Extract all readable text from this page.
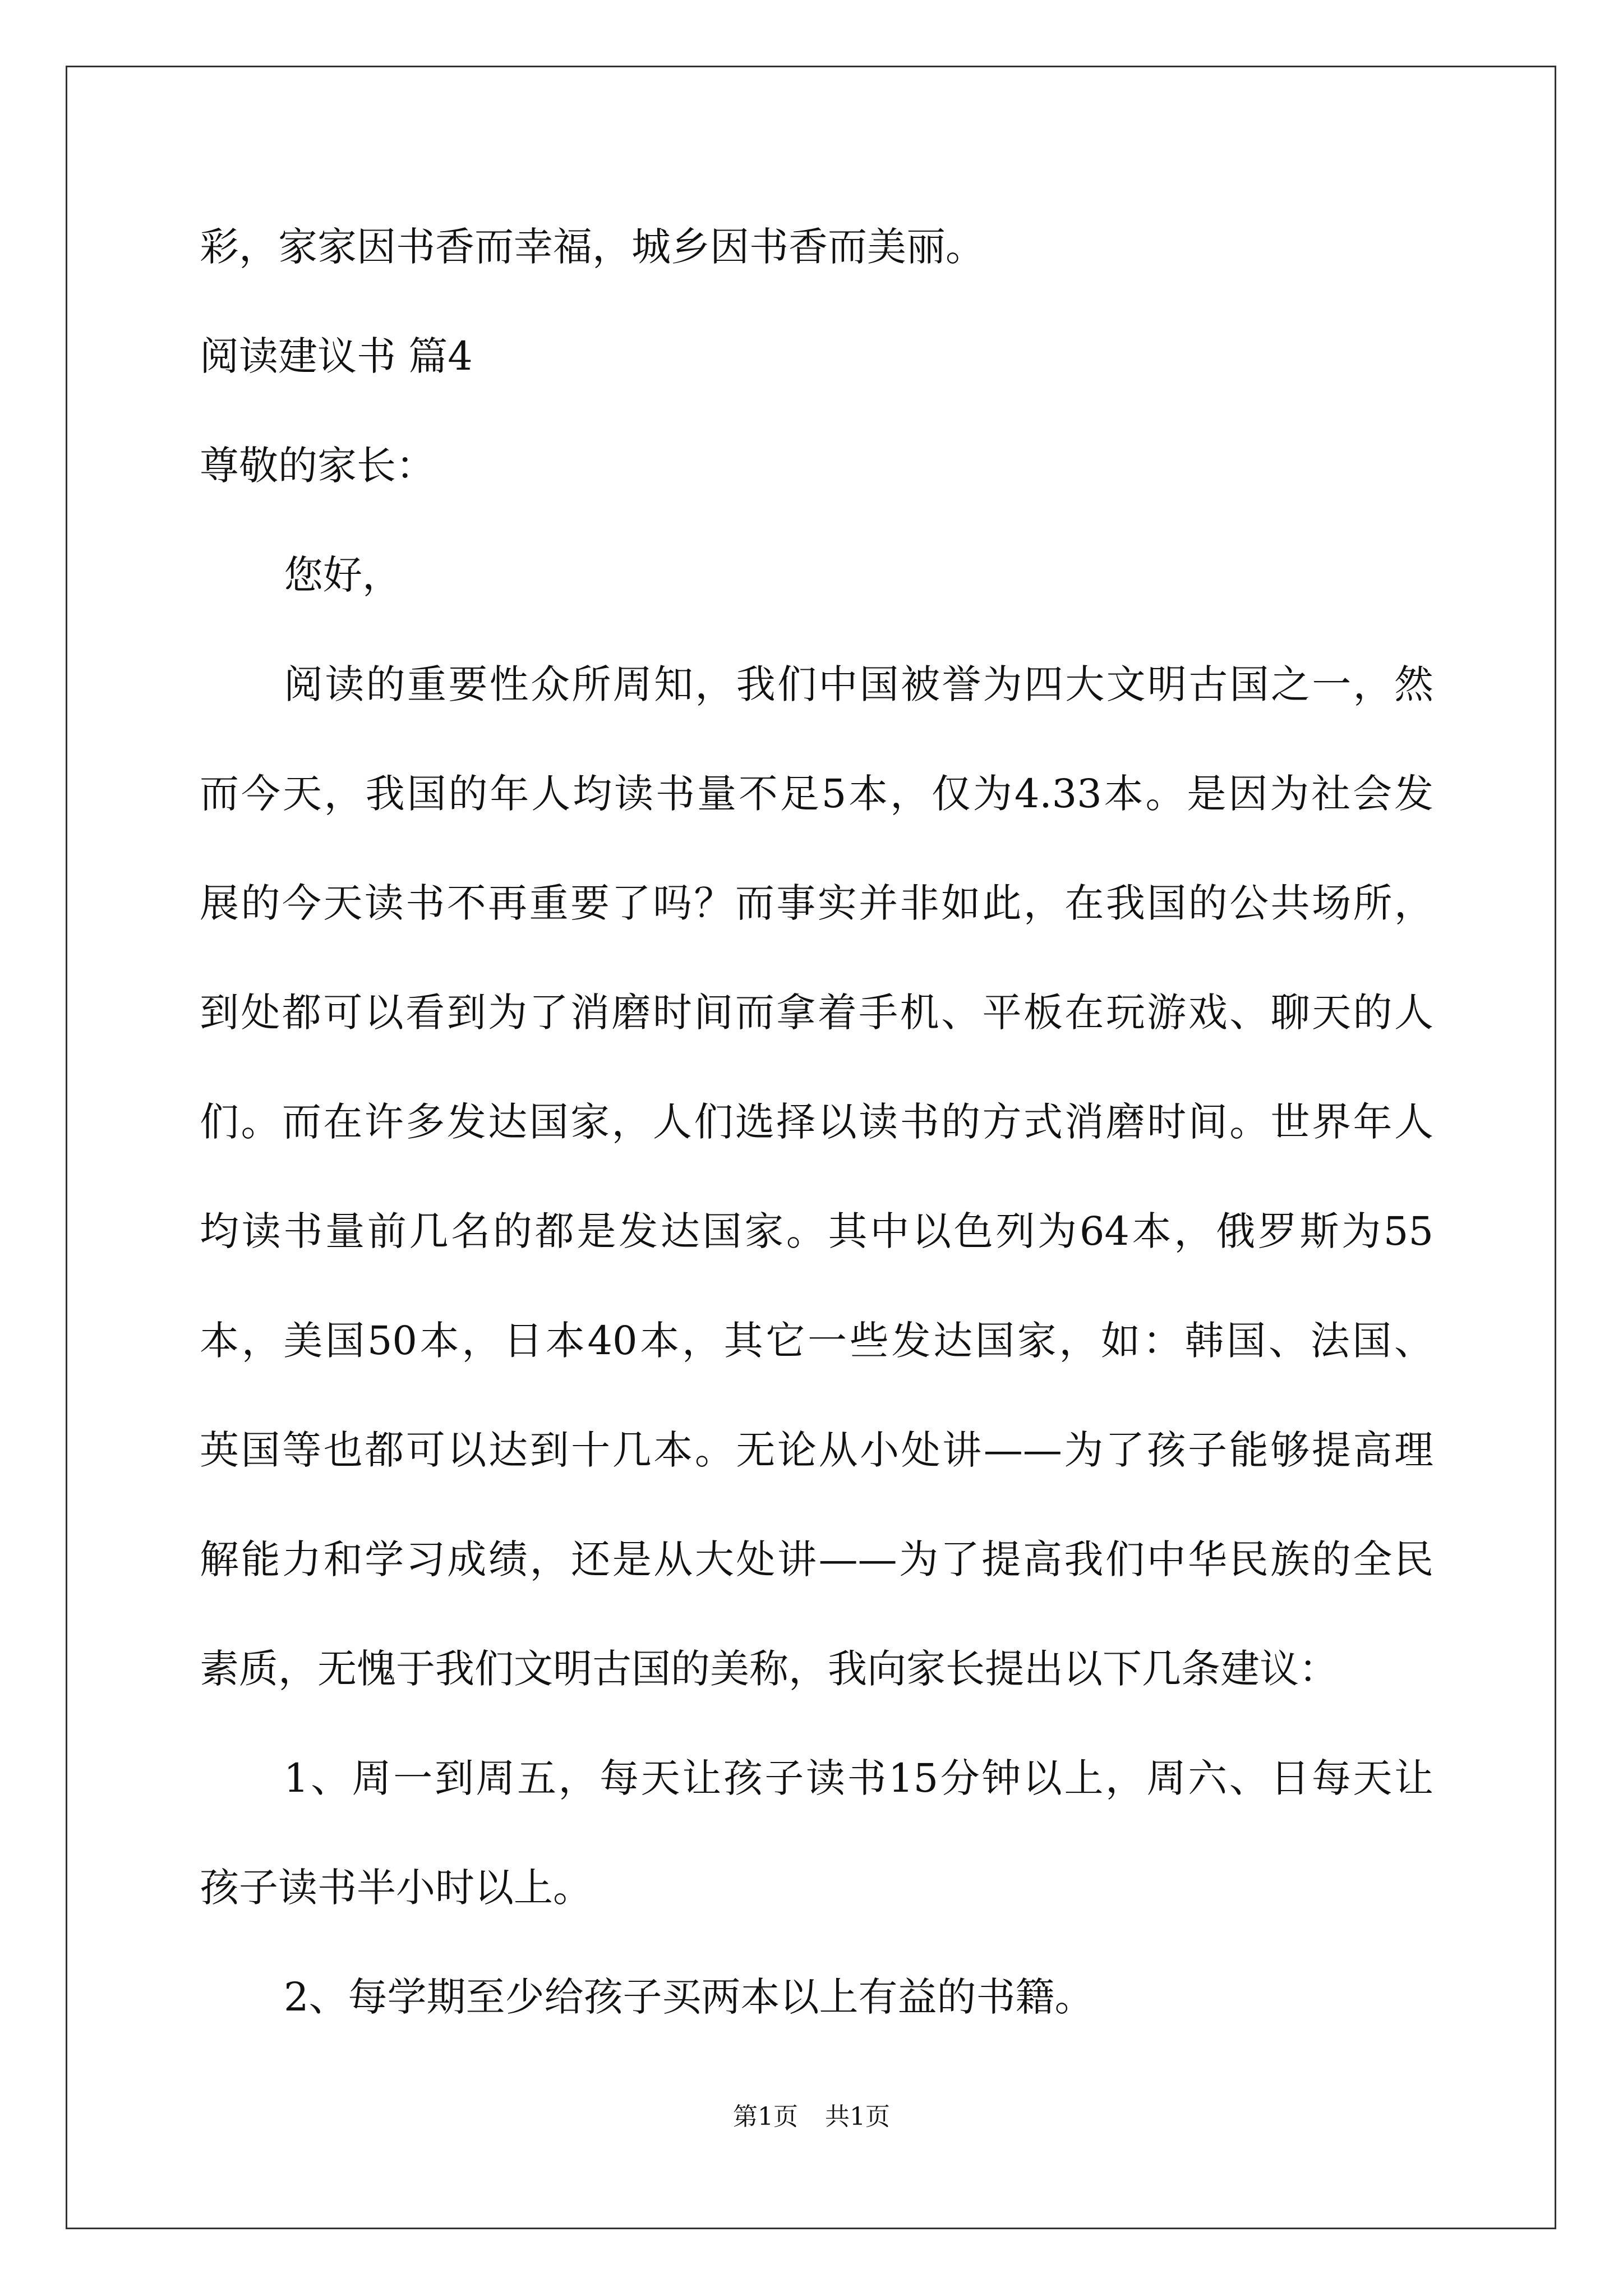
彩，家家因书香而幸福，城乡因书香而美丽。
阅读建议书 篇4
尊敬的家长：
您好，
阅读的重要性众所周知，我们中国被誉为四大文明古国之一，然
而今天，我国的年人均读书量不足5本，仅为4.33本。是因为社会发
展的今天读书不再重要了吗？而事实并非如此，在我国的公共场所，
到处都可以看到为了消磨时间而拿着手机、平板在玩游戏、聊天的人
们。而在许多发达国家，人们选择以读书的方式消磨时间。世界年人
均读书量前几名的都是发达国家。其中以色列为64本，俄罗斯为55
本，美国50本，日本40本，其它一些发达国家，如：韩国、法国、
英国等也都可以达到十几本。无论从小处讲——为了孩子能够提高理
解能力和学习成绩，还是从大处讲——为了提高我们中华民族的全民
素质，无愧于我们文明古国的美称，我向家长提出以下几条建议：
1、周一到周五，每天让孩子读书15分钟以上，周六、日每天让
孩子读书半小时以上。
2、每学期至少给孩子买两本以上有益的书籍。
第1页 共1页
